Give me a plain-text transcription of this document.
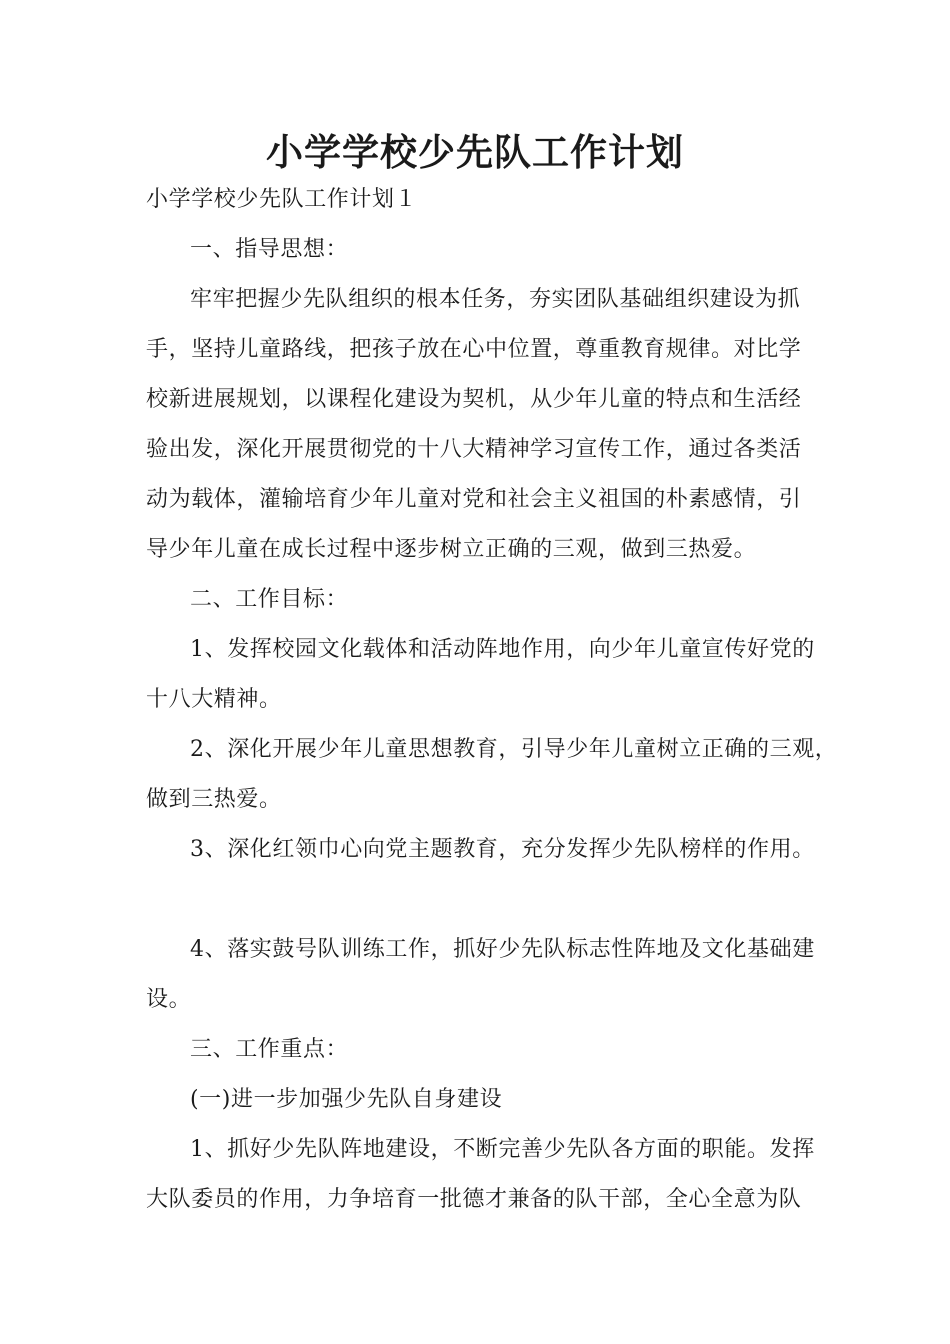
小学学校少先队工作计划
小学学校少先队工作计划１
一、指导思想：
牢牢把握少先队组织的根本任务，夯实团队基础组织建设为抓
手，坚持儿童路线，把孩子放在心中位置，尊重教育规律。对比学
校新进展规划，以课程化建设为契机，从少年儿童的特点和生活经
验出发，深化开展贯彻党的十八大精神学习宣传工作，通过各类活
动为载体，灌输培育少年儿童对党和社会主义祖国的朴素感情，引
导少年儿童在成长过程中逐步树立正确的三观，做到三热爱。
二、工作目标：
1、发挥校园文化载体和活动阵地作用，向少年儿童宣传好党的
十八大精神。
2、深化开展少年儿童思想教育，引导少年儿童树立正确的三观，
做到三热爱。
3、深化红领巾心向党主题教育，充分发挥少先队榜样的作用。
4、落实鼓号队训练工作，抓好少先队标志性阵地及文化基础建
设。
三、工作重点：
(一)进一步加强少先队自身建设
1、抓好少先队阵地建设，不断完善少先队各方面的职能。发挥
大队委员的作用，力争培育一批德才兼备的队干部，全心全意为队
